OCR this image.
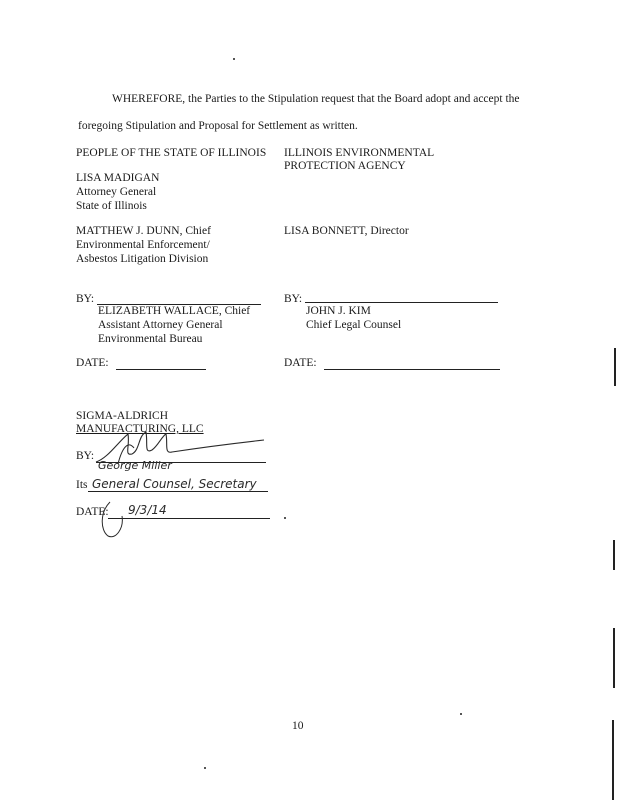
WHEREFORE, the Parties to the Stipulation request that the Board adopt and accept the
foregoing Stipulation and Proposal for Settlement as written.
PEOPLE OF THE STATE OF ILLINOIS
LISA MADIGAN
Attorney General
State of Illinois
MATTHEW J. DUNN, Chief
Environmental Enforcement/
Asbestos Litigation Division
BY:
ELIZABETH WALLACE, Chief
Assistant Attorney General
Environmental Bureau
DATE:
ILLINOIS ENVIRONMENTAL
PROTECTION AGENCY
LISA BONNETT, Director
BY:
JOHN J. KIM
Chief Legal Counsel
DATE:
SIGMA-ALDRICH
MANUFACTURING, LLC
BY:
George Miller
Its General Counsel, Secretary
DATE: 9/3/14
10
